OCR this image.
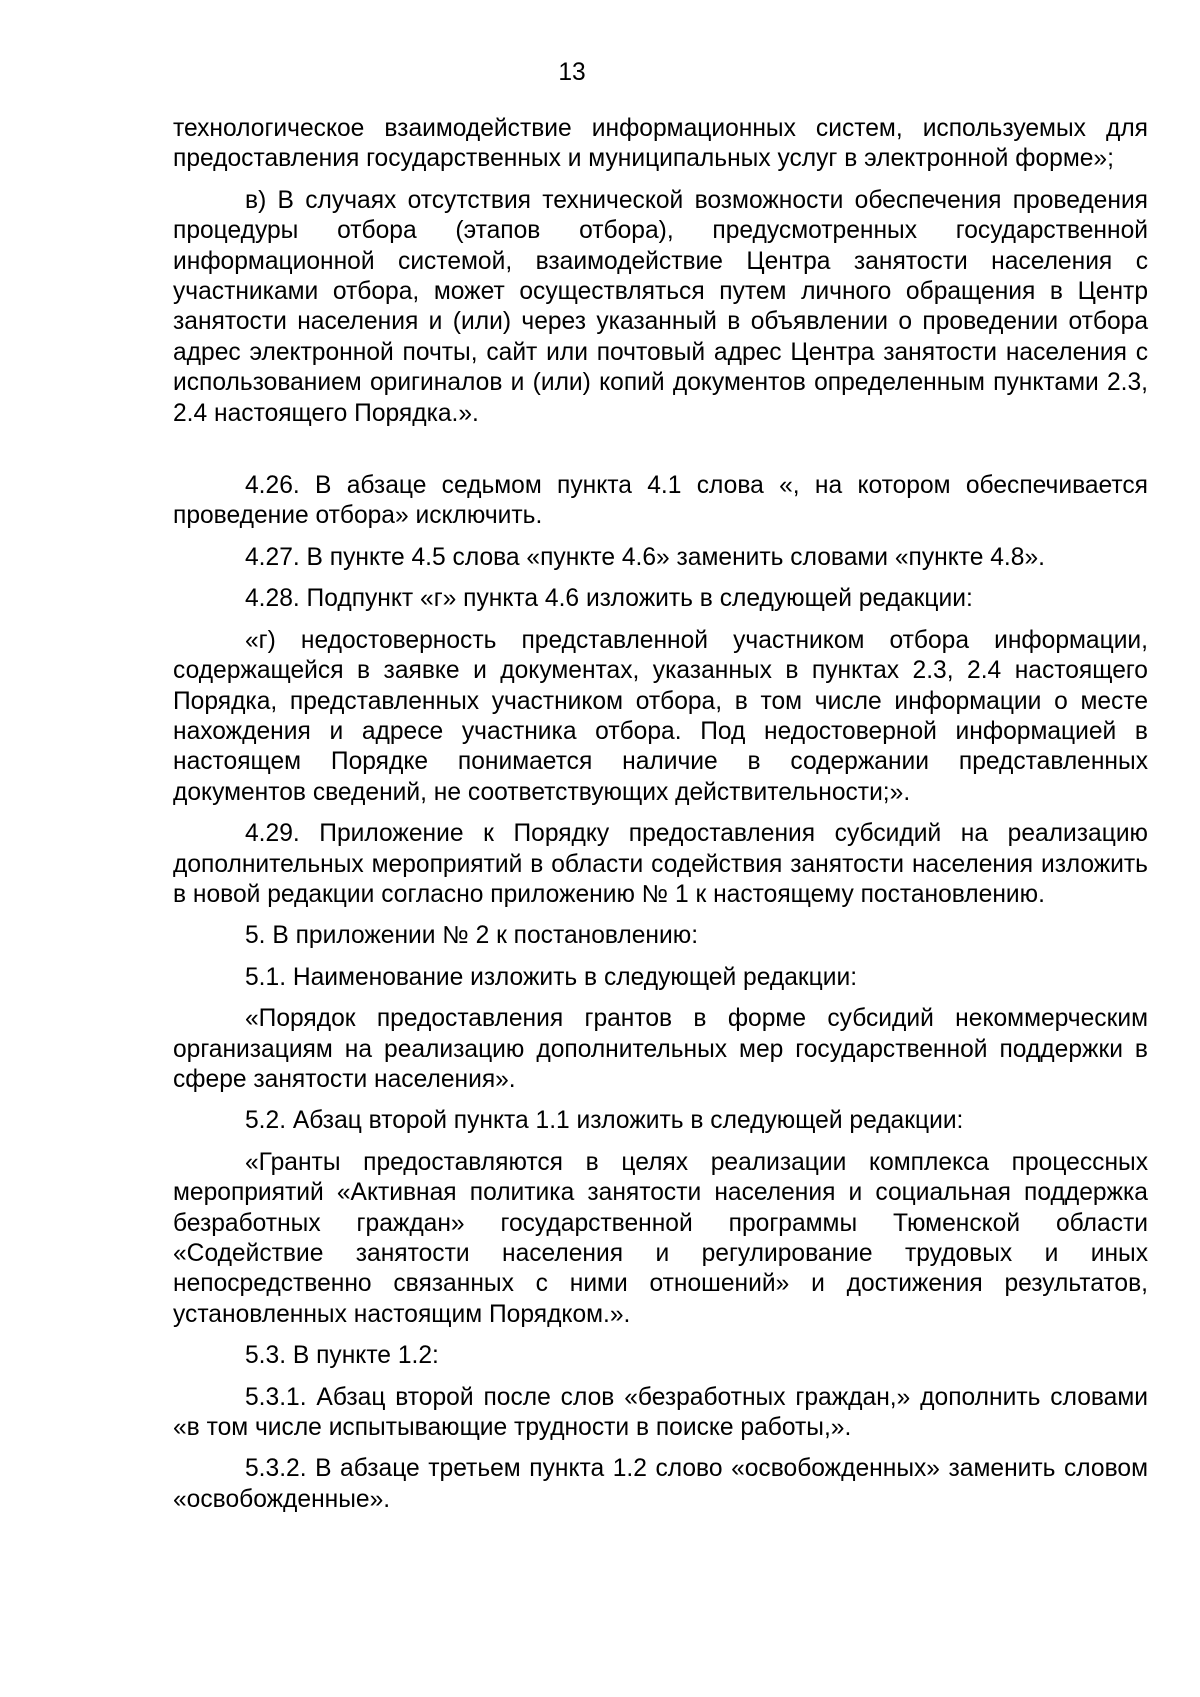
13

технологическое взаимодействие информационных систем, используемых для предоставления государственных и муниципальных услуг в электронной форме»;

в) В случаях отсутствия технической возможности обеспечения проведения процедуры отбора (этапов отбора), предусмотренных государственной информационной системой, взаимодействие Центра занятости населения с участниками отбора, может осуществляться путем личного обращения в Центр занятости населения и (или) через указанный в объявлении о проведении отбора адрес электронной почты, сайт или почтовый адрес Центра занятости населения с использованием оригиналов и (или) копий документов определенным пунктами 2.3, 2.4 настоящего Порядка.».

4.26. В абзаце седьмом пункта 4.1 слова «, на котором обеспечивается проведение отбора» исключить.

4.27. В пункте 4.5 слова «пункте 4.6» заменить словами «пункте 4.8».

4.28. Подпункт «г» пункта 4.6 изложить в следующей редакции:

«г) недостоверность представленной участником отбора информации, содержащейся в заявке и документах, указанных в пунктах 2.3, 2.4 настоящего Порядка, представленных участником отбора, в том числе информации о месте нахождения и адресе участника отбора. Под недостоверной информацией в настоящем Порядке понимается наличие в содержании представленных документов сведений, не соответствующих действительности;».

4.29. Приложение к Порядку предоставления субсидий на реализацию дополнительных мероприятий в области содействия занятости населения изложить в новой редакции согласно приложению № 1 к настоящему постановлению.

5. В приложении № 2 к постановлению:

5.1. Наименование изложить в следующей редакции:

«Порядок предоставления грантов в форме субсидий некоммерческим организациям на реализацию дополнительных мер государственной поддержки в сфере занятости населения».

5.2. Абзац второй пункта 1.1 изложить в следующей редакции:

«Гранты предоставляются в целях реализации комплекса процессных мероприятий «Активная политика занятости населения и социальная поддержка безработных граждан» государственной программы Тюменской области «Содействие занятости населения и регулирование трудовых и иных непосредственно связанных с ними отношений» и достижения результатов, установленных настоящим Порядком.».

5.3. В пункте 1.2:

5.3.1. Абзац второй после слов «безработных граждан,» дополнить словами «в том числе испытывающие трудности в поиске работы,».

5.3.2. В абзаце третьем пункта 1.2 слово «освобожденных» заменить словом «освобожденные».
